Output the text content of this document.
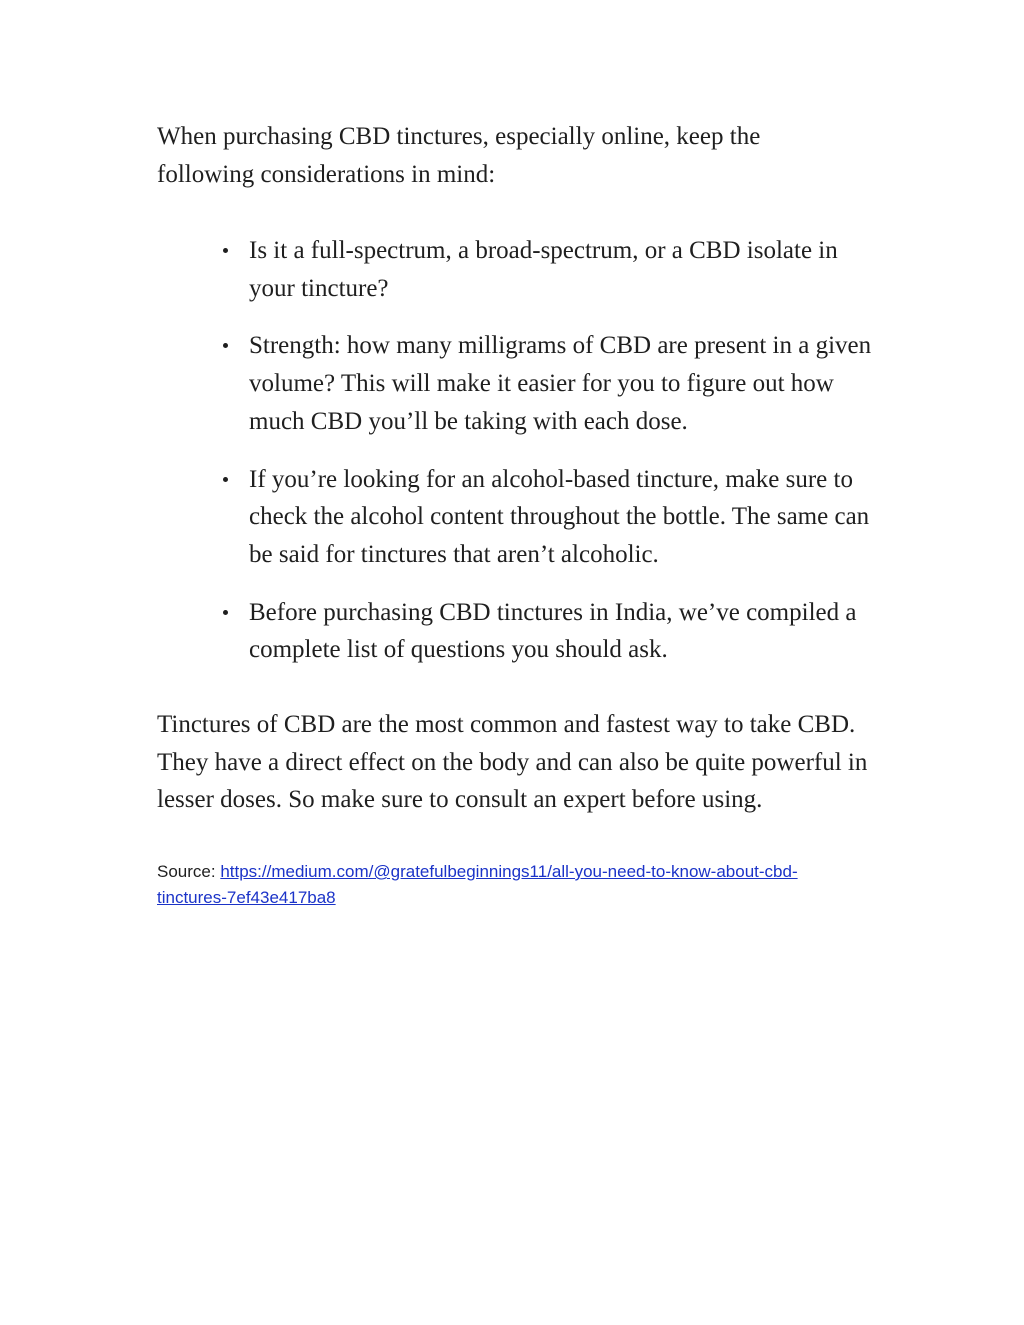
When purchasing CBD tinctures, especially online, keep the following considerations in mind:

Is it a full-spectrum, a broad-spectrum, or a CBD isolate in your tincture?
Strength: how many milligrams of CBD are present in a given volume? This will make it easier for you to figure out how much CBD you’ll be taking with each dose.
If you’re looking for an alcohol-based tincture, make sure to check the alcohol content throughout the bottle. The same can be said for tinctures that aren’t alcoholic.
Before purchasing CBD tinctures in India, we’ve compiled a complete list of questions you should ask.

Tinctures of CBD are the most common and fastest way to take CBD. They have a direct effect on the body and can also be quite powerful in lesser doses. So make sure to consult an expert before using.

Source: https://medium.com/@gratefulbeginnings11/all-you-need-to-know-about-cbd-
tinctures-7ef43e417ba8
